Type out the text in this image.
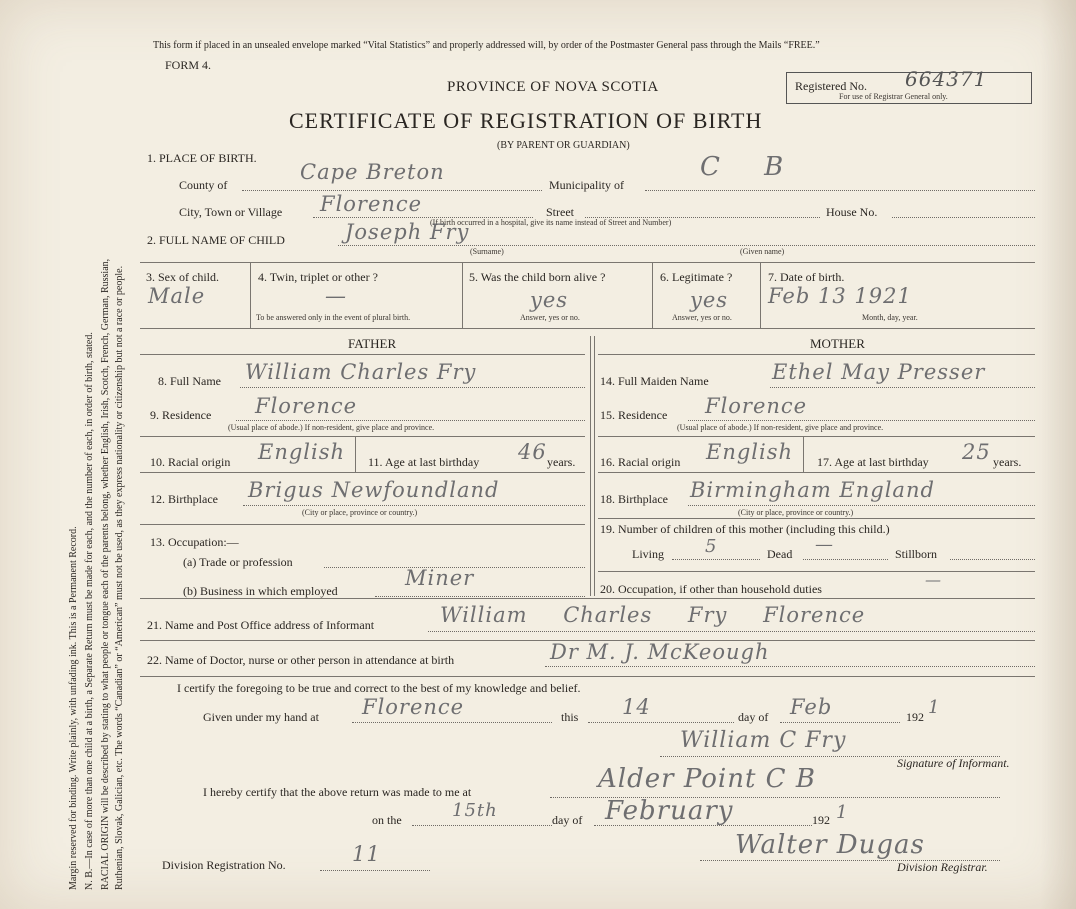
Margin reserved for binding. Write plainly, with unfading ink. This is a Permanent Record. N. B.—In case of more than one child at a birth, a Separate Return must be made for each, and the number of each, in order of birth, stated. RACIAL ORIGIN will be described by stating to what people or tongue each of the parents belong, whether English, Irish, Scotch, French, German, Russian, Ruthenian, Slovak, Galician, etc. The words “Canadian” or “American” must not be used, as they express nationality or citizenship but not a race or people.
This form if placed in an unsealed envelope marked “Vital Statistics” and properly addressed will, by order of the Postmaster General pass through the Mails “FREE.”
FORM 4.
PROVINCE OF NOVA SCOTIA
CERTIFICATE OF REGISTRATION OF BIRTH
(BY PARENT OR GUARDIAN)
Registered No. 664371
For use of Registrar General only.
1. PLACE OF BIRTH.
County of
Cape Breton
Municipality of
C B
City, Town or Village Florence	Street	House No.
(If birth occurred in a hospital, give its name instead of Street and Number)
2. FULL NAME OF CHILD	Joseph Fry
(Surname)	(Given name)
3. Sex of child.
Male
4. Twin, triplet or other ?
—
To be answered only in the event of plural birth.
5. Was the child born alive ?
yes
Answer, yes or no.
6. Legitimate ?
yes
Answer, yes or no.
7. Date of birth.
Feb 13 1921
Month, day, year.
FATHER	MOTHER
8. Full Name William Charles Fry
9. Residence Florence
(Usual place of abode.) If non-resident, give place and province.
10. Racial origin English 11. Age at last birthday 46 years.
12. Birthplace Brigus Newfoundland
(City or place, province or country.)
13. Occupation:—
(a) Trade or profession
(b) Business in which employed
Miner
14. Full Maiden Name	Ethel May Presser
15. Residence Florence
(Usual place of abode.) If non-resident, give place and province.
16. Racial origin English 17. Age at last birthday 25 years.
18. Birthplace Birmingham England
(City or place, province or country.)
19. Number of children of this mother (including this child.)
Living 5	Dead —	Stillborn
20. Occupation, if other than household duties	—
21. Name and Post Office address of Informant	William Charles Fry Florence
22. Name of Doctor, nurse or other person in attendance at birth	Dr M. J. McKeough
I certify the foregoing to be true and correct to the best of my knowledge and belief.
Given under my hand at Florence	this 14	day of Feb	192 1
William C Fry
Signature of Informant.
I hereby certify that the above return was made to me at	Alder Point C B
on the	15th	day of February	192 1
Walter Dugas
Division Registration No.	11
Division Registrar.
